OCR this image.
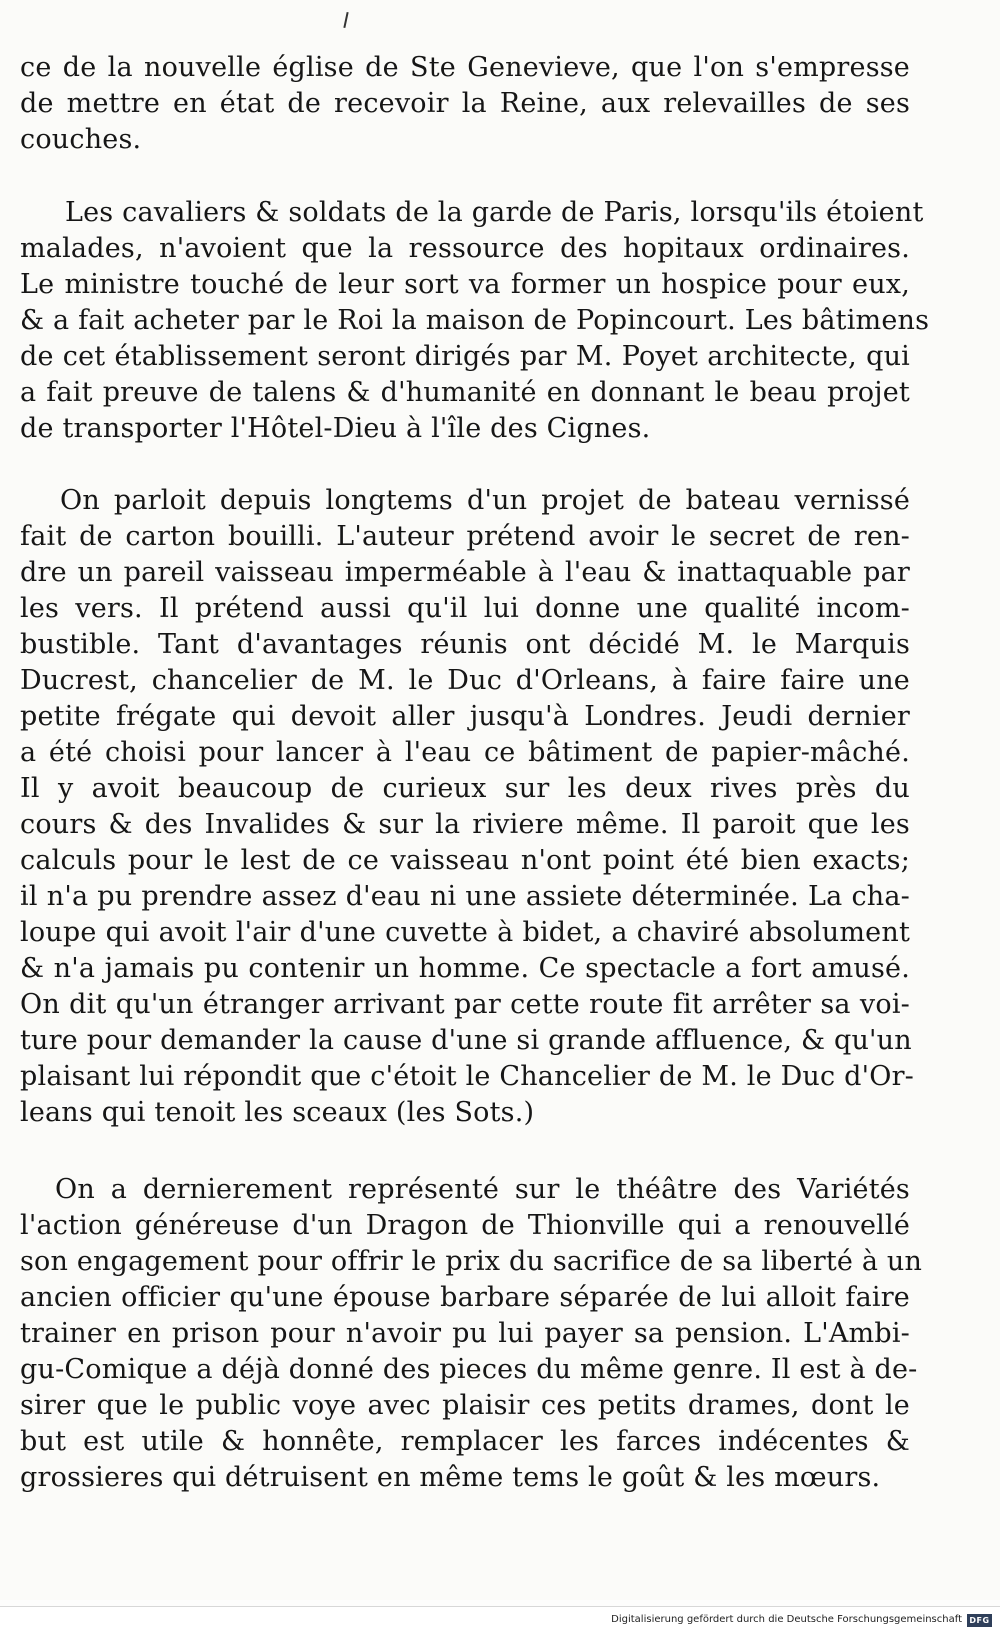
ce de la nouvelle église de Ste Genevieve, que l'on s'empresse
de mettre en état de recevoir la Reine, aux relevailles de ses
couches.
Les cavaliers & soldats de la garde de Paris, lorsqu'ils étoient
malades, n'avoient que la ressource des hopitaux ordinaires.
Le ministre touché de leur sort va former un hospice pour eux,
& a fait acheter par le Roi la maison de Popincourt. Les bâtimens
de cet établissement seront dirigés par M. Poyet architecte, qui
a fait preuve de talens & d'humanité en donnant le beau projet
de transporter l'Hôtel-Dieu à l'île des Cignes.
On parloit depuis longtems d'un projet de bateau vernissé
fait de carton bouilli. L'auteur prétend avoir le secret de ren-
dre un pareil vaisseau imperméable à l'eau & inattaquable par
les vers. Il prétend aussi qu'il lui donne une qualité incom-
bustible. Tant d'avantages réunis ont décidé M. le Marquis
Ducrest, chancelier de M. le Duc d'Orleans, à faire faire une
petite frégate qui devoit aller jusqu'à Londres. Jeudi dernier
a été choisi pour lancer à l'eau ce bâtiment de papier-mâché.
Il y avoit beaucoup de curieux sur les deux rives près du
cours & des Invalides & sur la riviere même. Il paroit que les
calculs pour le lest de ce vaisseau n'ont point été bien exacts;
il n'a pu prendre assez d'eau ni une assiete déterminée. La cha-
loupe qui avoit l'air d'une cuvette à bidet, a chaviré absolument
& n'a jamais pu contenir un homme. Ce spectacle a fort amusé.
On dit qu'un étranger arrivant par cette route fit arrêter sa voi-
ture pour demander la cause d'une si grande affluence, & qu'un
plaisant lui répondit que c'étoit le Chancelier de M. le Duc d'Or-
leans qui tenoit les sceaux (les Sots.)
On a dernierement représenté sur le théâtre des Variétés
l'action généreuse d'un Dragon de Thionville qui a renouvellé
son engagement pour offrir le prix du sacrifice de sa liberté à un
ancien officier qu'une épouse barbare séparée de lui alloit faire
trainer en prison pour n'avoir pu lui payer sa pension. L'Ambi-
gu-Comique a déjà donné des pieces du même genre. Il est à de-
sirer que le public voye avec plaisir ces petits drames, dont le
but est utile & honnête, remplacer les farces indécentes &
grossieres qui détruisent en même tems le goût & les mœurs.
Digitalisierung gefördert durch die Deutsche Forschungsgemeinschaft DFG
